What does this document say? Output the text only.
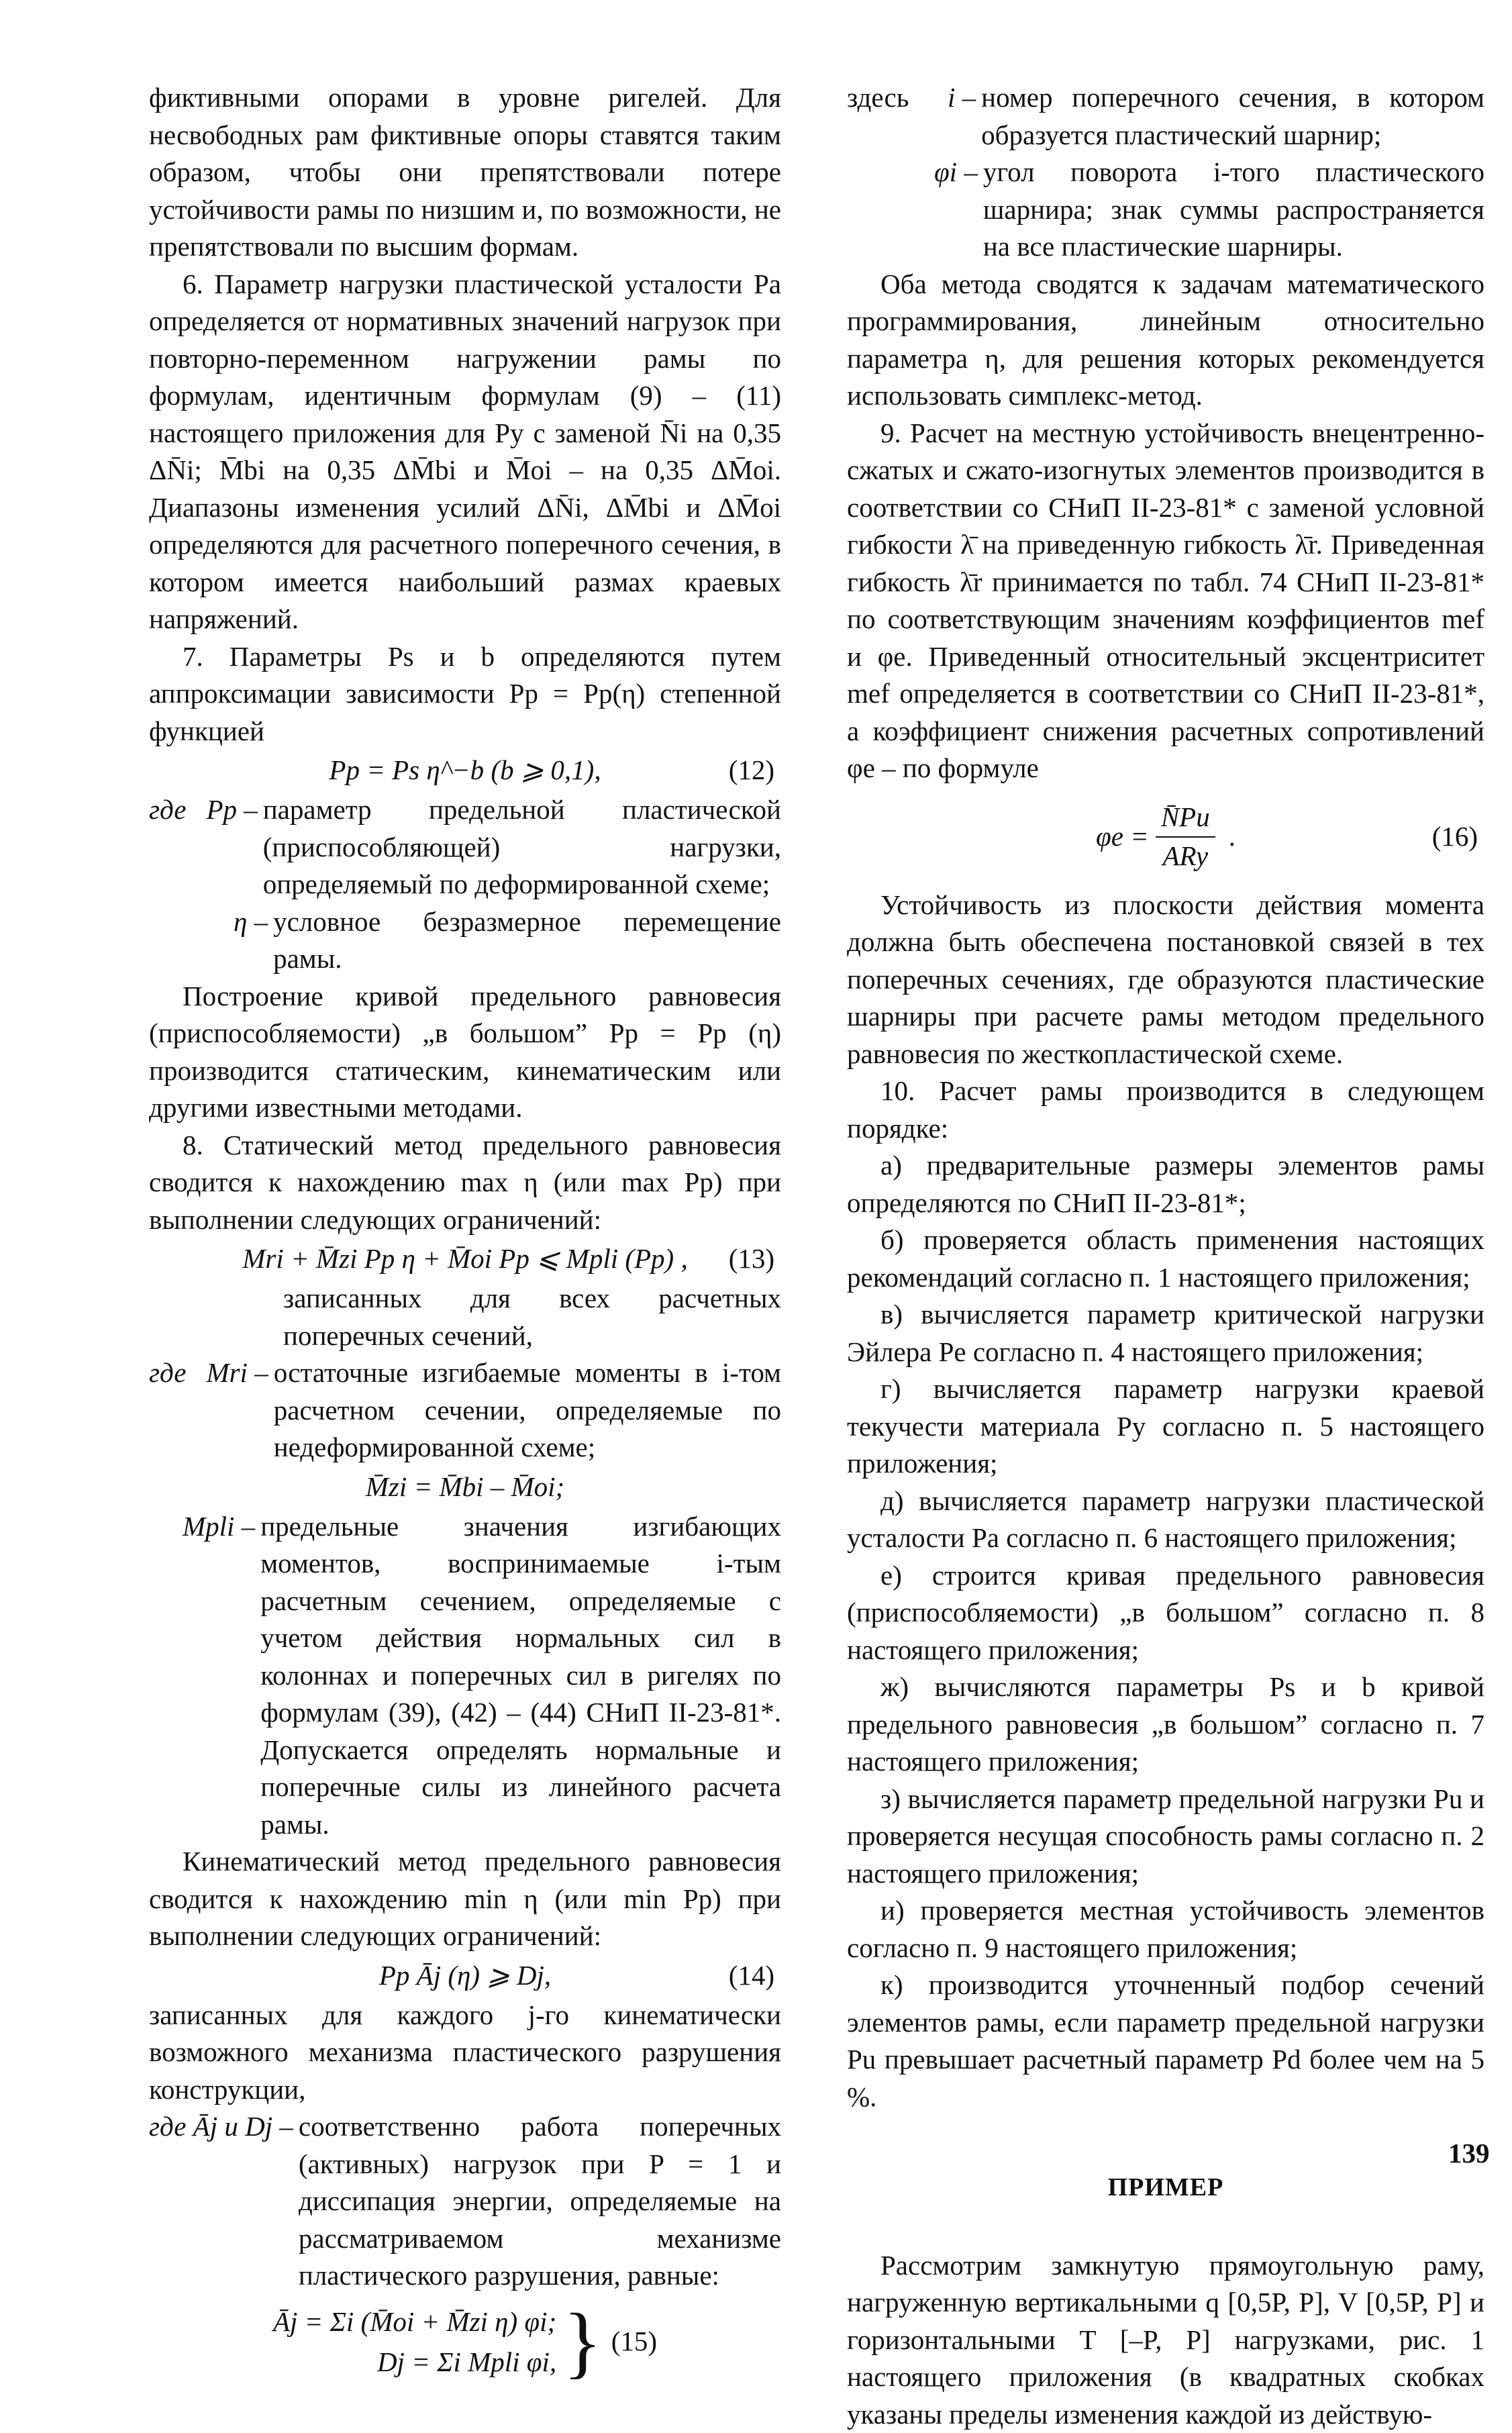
фиктивными опорами в уровне ригелей. Для несвободных рам фиктивные опоры ставятся таким образом, чтобы они препятствовали потере устойчивости рамы по низшим и, по возможности, не препятствовали по высшим формам.

6. Параметр нагрузки пластической усталости Pa определяется от нормативных значений нагрузок при повторно-переменном нагружении рамы по формулам, идентичным формулам (9) – (11) настоящего приложения для Py с заменой N̄i на 0,35 ΔN̄i; M̄bi на 0,35 ΔM̄bi и M̄oi – на 0,35 ΔM̄oi. Диапазоны изменения усилий ΔN̄i, ΔM̄bi и ΔM̄oi определяются для расчетного поперечного сечения, в котором имеется наибольший размах краевых напряжений.

7. Параметры Ps и b определяются путем аппроксимации зависимости Pp = Pp(η) степенной функцией

Pp = Ps η^−b (b ⩾ 0,1),	(12)
где Pp – параметр предельной пластической (приспособляющей) нагрузки, определяемый по деформированной схеме;
η – условное безразмерное перемещение рамы.

Построение кривой предельного равновесия (приспособляемости) „в большом” Pp = Pp (η) производится статическим, кинематическим или другими известными методами.

8. Статический метод предельного равновесия сводится к нахождению max η (или max Pp) при выполнении следующих ограничений:

Mri + M̄zi Pp η + M̄oi Pp ⩽ Mpli (Pp) , (13)

записанных для всех расчетных поперечных сечений,

где Mri – остаточные изгибаемые моменты в i-том расчетном сечении, определяемые по недеформированной схеме;
M̄zi = M̄bi – M̄oi;
Mpli – предельные значения изгибающих моментов, воспринимаемые i-тым расчетным сечением, определяемые с учетом действия нормальных сил в колоннах и поперечных сил в ригелях по формулам (39), (42) – (44) СНиП II-23-81*. Допускается определять нормальные и поперечные силы из линейного расчета рамы.

Кинематический метод предельного равновесия сводится к нахождению min η (или min Pp) при выполнении следующих ограничений:

Pp Āj (η) ⩾ Dj,	(14)

записанных для каждого j-го кинематически возможного механизма пластического разрушения конструкции,

где Āj и Dj – соответственно работа поперечных (активных) нагрузок при P = 1 и диссипация энергии, определяемые на рассматриваемом механизме пластического разрушения, равные:
Āj = Σi (M̄oi + M̄zi η) φi;
Dj = Σi Mpli φi, } (15)
здесь	i – номер поперечного сечения, в котором образуется пластический шарнир;
φi – угол поворота i-того пластического шарнира; знак суммы распространяется на все пластические шарниры.

Оба метода сводятся к задачам математического программирования, линейным относительно параметра η, для решения которых рекомендуется использовать симплекс-метод.

9. Расчет на местную устойчивость внецентренно-сжатых и сжато-изогнутых элементов производится в соответствии со СНиП II-23-81* с заменой условной гибкости λ̄ на приведенную гибкость λ̄r. Приведенная гибкость λ̄r принимается по табл. 74 СНиП II-23-81* по соответствующим значениям коэффициентов mef и φe. Приведенный относительный эксцентриситет mef определяется в соответствии со СНиП II-23-81*, а коэффициент снижения расчетных сопротивлений φe – по формуле

$\varphi e = \frac{N̄Pu}{\text{ARy}}$ .	(16)

Устойчивость из плоскости действия момента должна быть обеспечена постановкой связей в тех поперечных сечениях, где образуются пластические шарниры при расчете рамы методом предельного равновесия по жесткопластической схеме.

10. Расчет рамы производится в следующем порядке:

а) предварительные размеры элементов рамы определяются по СНиП II-23-81*;

б) проверяется область применения настоящих рекомендаций согласно п. 1 настоящего приложения;

в) вычисляется параметр критической нагрузки Эйлера Pe согласно п. 4 настоящего приложения;

г) вычисляется параметр нагрузки краевой текучести материала Py согласно п. 5 настоящего приложения;

д) вычисляется параметр нагрузки пластической усталости Pa согласно п. 6 настоящего приложения;

е) строится кривая предельного равновесия (приспособляемости) „в большом” согласно п. 8 настоящего приложения;

ж) вычисляются параметры Ps и b кривой предельного равновесия „в большом” согласно п. 7 настоящего приложения;

з) вычисляется параметр предельной нагрузки Pu и проверяется несущая способность рамы согласно п. 2 настоящего приложения;

и) проверяется местная устойчивость элементов согласно п. 9 настоящего приложения;

к) производится уточненный подбор сечений элементов рамы, если параметр предельной нагрузки Pu превышает расчетный параметр Pd более чем на 5 %.

ПРИМЕР

Рассмотрим замкнутую прямоугольную раму, нагруженную вертикальными q [0,5P, P], V [0,5P, P] и горизонтальными T [–P, P] нагрузками, рис. 1 настоящего приложения (в квадратных скобках указаны пределы изменения каждой из действую-

139
